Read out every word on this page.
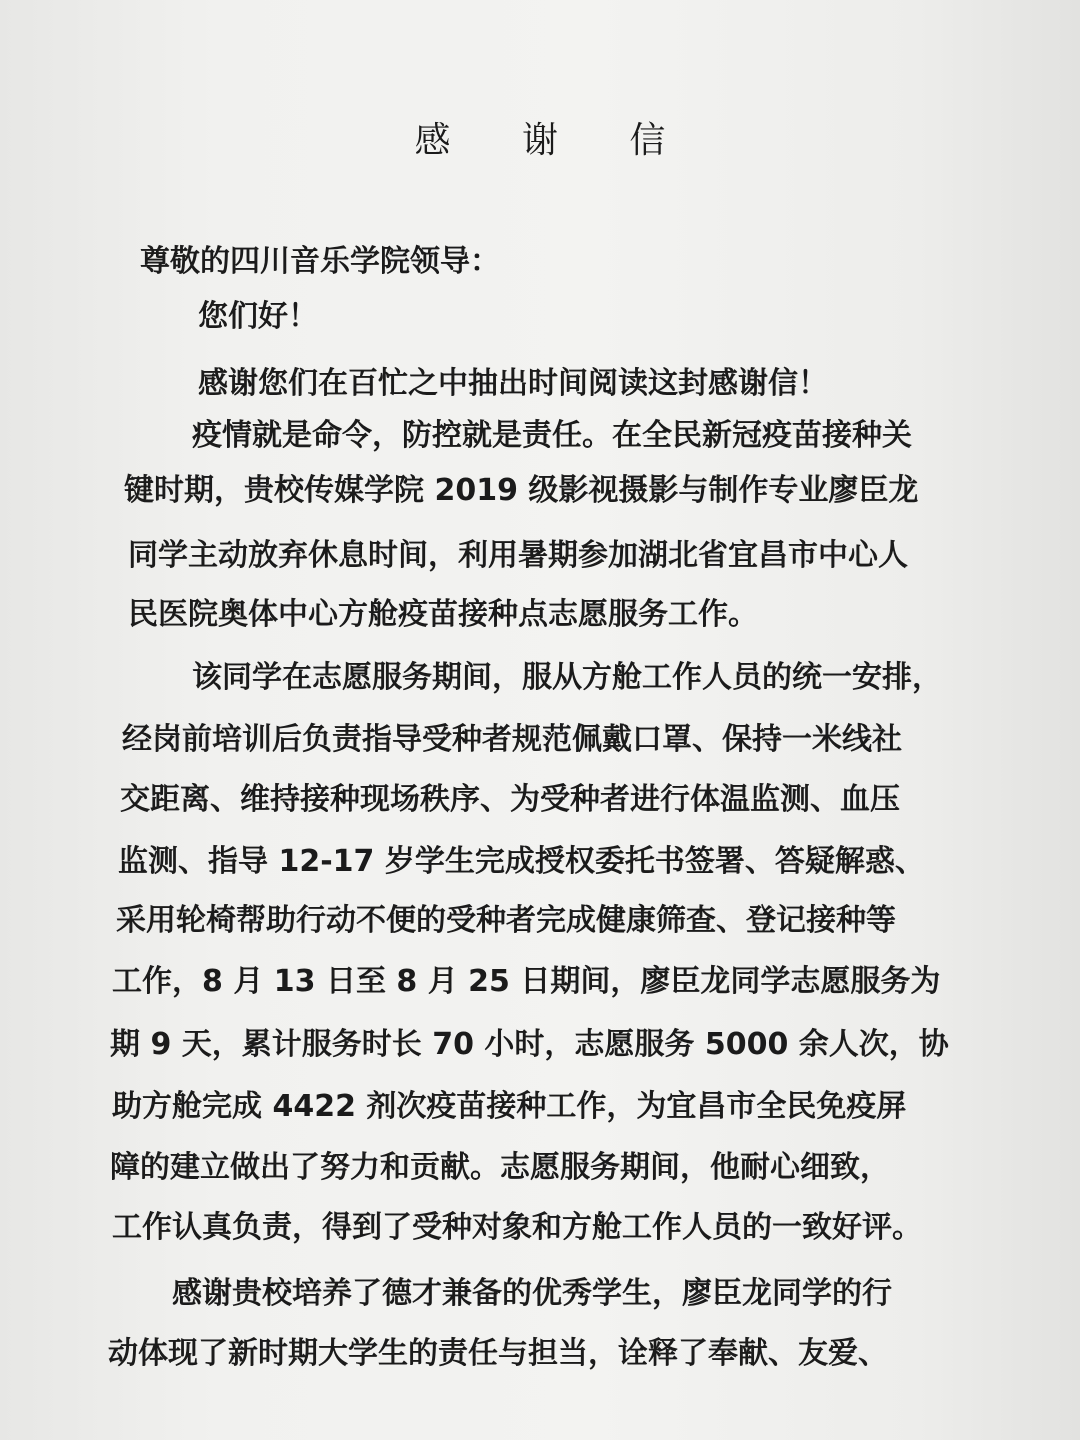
感 谢 信

尊敬的四川音乐学院领导：

您们好！

感谢您们在百忙之中抽出时间阅读这封感谢信！

疫情就是命令，防控就是责任。在全民新冠疫苗接种关

键时期，贵校传媒学院 2019 级影视摄影与制作专业廖臣龙

同学主动放弃休息时间，利用暑期参加湖北省宜昌市中心人

民医院奥体中心方舱疫苗接种点志愿服务工作。

该同学在志愿服务期间，服从方舱工作人员的统一安排，

经岗前培训后负责指导受种者规范佩戴口罩、保持一米线社

交距离、维持接种现场秩序、为受种者进行体温监测、血压

监测、指导 12-17 岁学生完成授权委托书签署、答疑解惑、

采用轮椅帮助行动不便的受种者完成健康筛查、登记接种等

工作，8 月 13 日至 8 月 25 日期间，廖臣龙同学志愿服务为

期 9 天，累计服务时长 70 小时，志愿服务 5000 余人次，协

助方舱完成 4422 剂次疫苗接种工作，为宜昌市全民免疫屏

障的建立做出了努力和贡献。志愿服务期间，他耐心细致，

工作认真负责，得到了受种对象和方舱工作人员的一致好评。

感谢贵校培养了德才兼备的优秀学生，廖臣龙同学的行

动体现了新时期大学生的责任与担当，诠释了奉献、友爱、
